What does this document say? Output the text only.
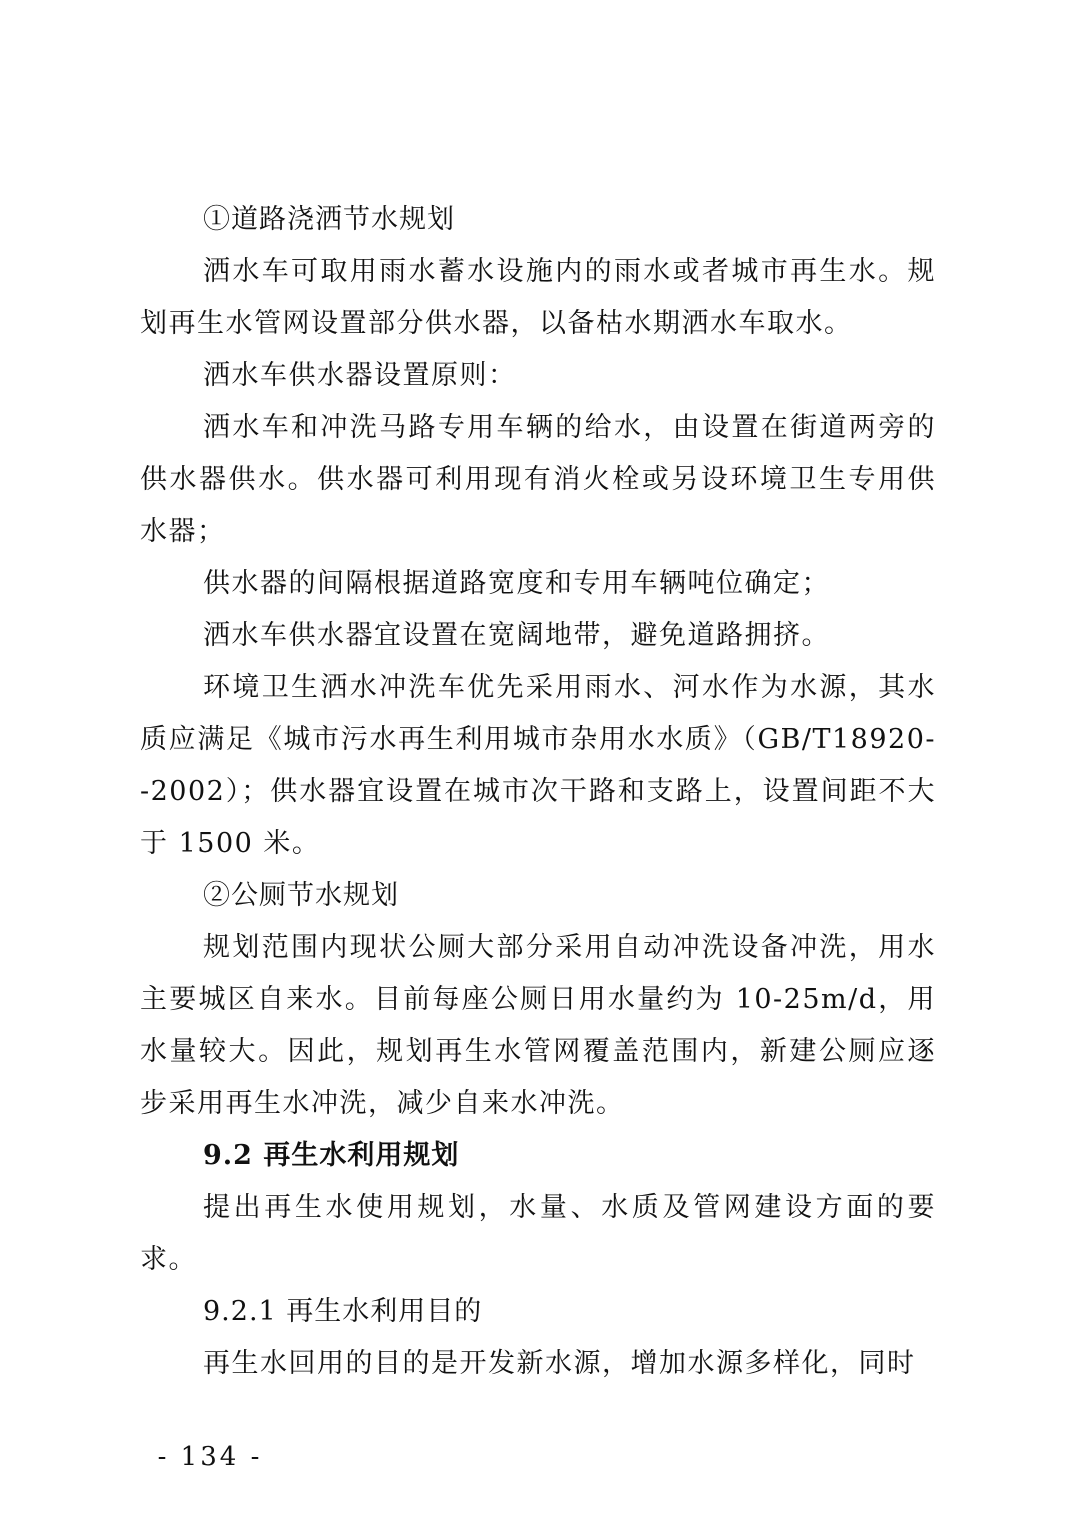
①道路浇洒节水规划

洒水车可取用雨水蓄水设施内的雨水或者城市再生水。规划再生水管网设置部分供水器，以备枯水期洒水车取水。

洒水车供水器设置原则：

洒水车和冲洗马路专用车辆的给水，由设置在街道两旁的供水器供水。供水器可利用现有消火栓或另设环境卫生专用供水器；

供水器的间隔根据道路宽度和专用车辆吨位确定；

洒水车供水器宜设置在宽阔地带，避免道路拥挤。

环境卫生洒水冲洗车优先采用雨水、河水作为水源，其水质应满足《城市污水再生利用城市杂用水水质》（GB/T18920--2002）；供水器宜设置在城市次干路和支路上，设置间距不大于 1500 米。

②公厕节水规划

规划范围内现状公厕大部分采用自动冲洗设备冲洗，用水主要城区自来水。目前每座公厕日用水量约为 10-25m/d，用水量较大。因此，规划再生水管网覆盖范围内，新建公厕应逐步采用再生水冲洗，减少自来水冲洗。

9.2 再生水利用规划

提出再生水使用规划，水量、水质及管网建设方面的要求。

9.2.1 再生水利用目的

再生水回用的目的是开发新水源，增加水源多样化，同时

- 134 -
